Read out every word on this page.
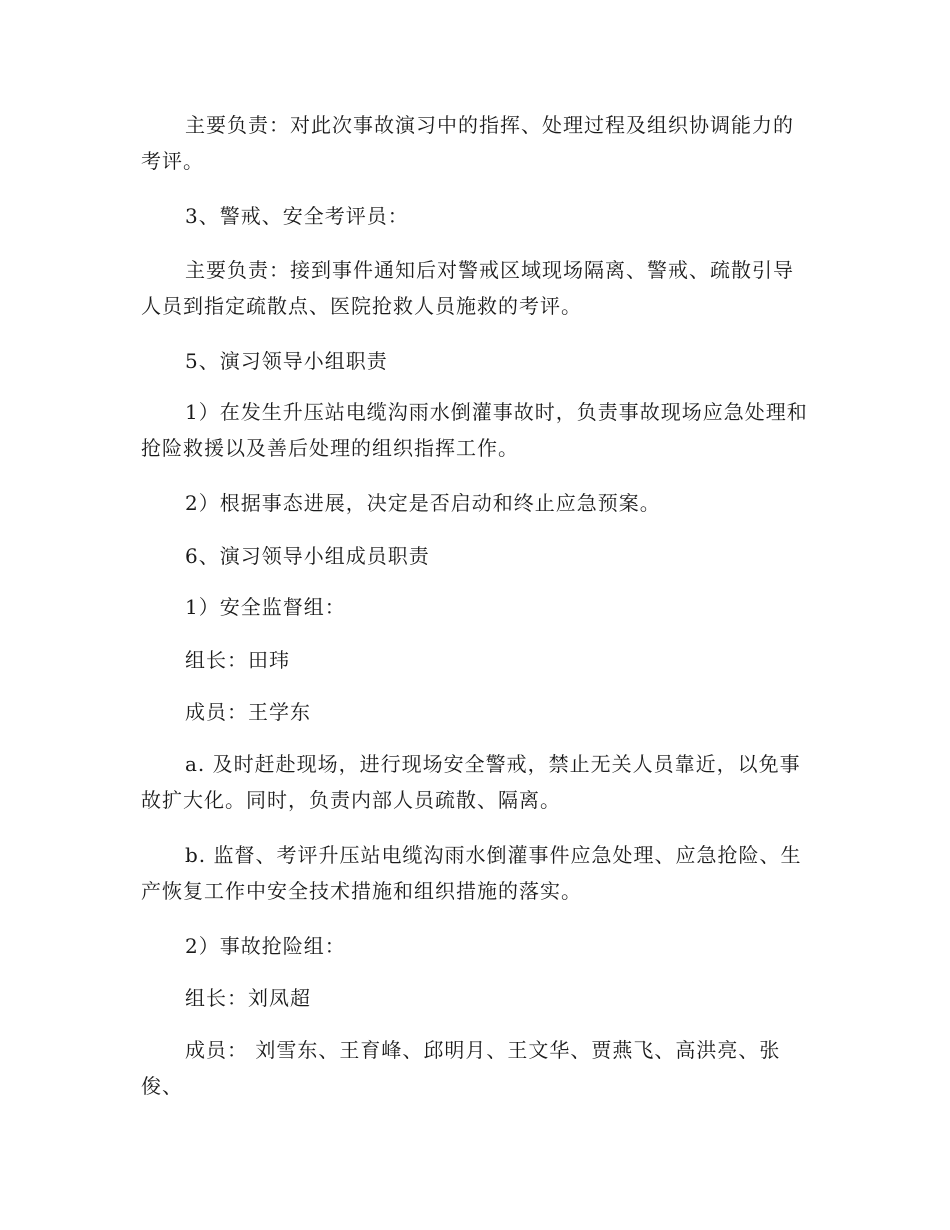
主要负责：对此次事故演习中的指挥、处理过程及组织协调能力的考评。

3、警戒、安全考评员：

主要负责：接到事件通知后对警戒区域现场隔离、警戒、疏散引导人员到指定疏散点、医院抢救人员施救的考评。

5、演习领导小组职责

1）在发生升压站电缆沟雨水倒灌事故时，负责事故现场应急处理和抢险救援以及善后处理的组织指挥工作。

2）根据事态进展，决定是否启动和终止应急预案。

6、演习领导小组成员职责

1）安全监督组：

组长：田玮

成员：王学东

a. 及时赶赴现场，进行现场安全警戒，禁止无关人员靠近，以免事故扩大化。同时，负责内部人员疏散、隔离。

b. 监督、考评升压站电缆沟雨水倒灌事件应急处理、应急抢险、生产恢复工作中安全技术措施和组织措施的落实。

2）事故抢险组：

组长：刘凤超

成员： 刘雪东、王育峰、邱明月、王文华、贾燕飞、高洪亮、张俊、
